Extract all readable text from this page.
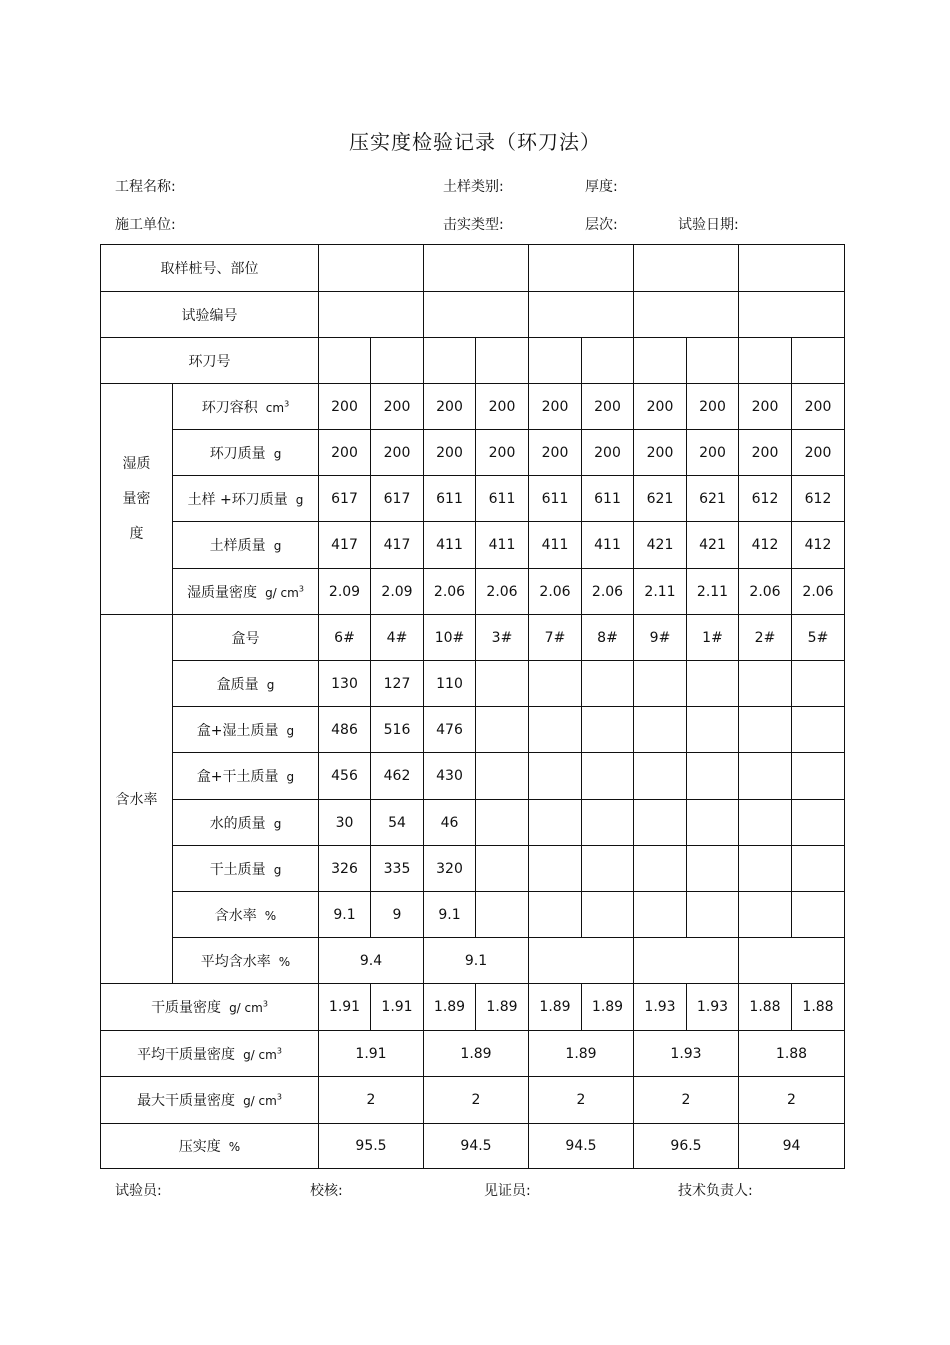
压实度检验记录（环刀法）
工程名称:	土样类别:	厚度:
施工单位:	击实类型:	层次:	试验日期:
取样桩号、部位											
试验编号											
环刀号											
湿质
量密
度	环刀容积 $cm^3$	200	200	200	200	200	200	200	200	200	200
	环刀质量 g	200	200	200	200	200	200	200	200	200	200
	土样 +环刀质量 g	617	617	611	611	611	611	621	621	612	612
	土样质量 g	417	417	411	411	411	411	421	421	412	412
	湿质量密度 g/ $cm^3$	2.09	2.09	2.06	2.06	2.06	2.06	2.11	2.11	2.06	2.06
含水率	盒号	6#	4#	10#	3#	7#	8#	9#	1#	2#	5#
	盒质量 g	130	127	110							
	盒+湿土质量 g	486	516	476							
	盒+干土质量 g	456	462	430							
	水的质量 g	30	54	46							
	干土质量 g	326	335	320							
	含水率 %	9.1	9	9.1							
	平均含水率 %	9.4		9.1							
干质量密度 g/ $cm^3$		1.91	1.91	1.89	1.89	1.89	1.89	1.93	1.93	1.88	1.88
平均干质量密度 g/ $cm^3$		1.91		1.89		1.89		1.93		1.88	
最大干质量密度 g/ $cm^3$		2		2		2		2		2	
压实度 %		95.5		94.5		94.5		96.5		94	
试验员:	校核:	见证员:	技术负责人:
